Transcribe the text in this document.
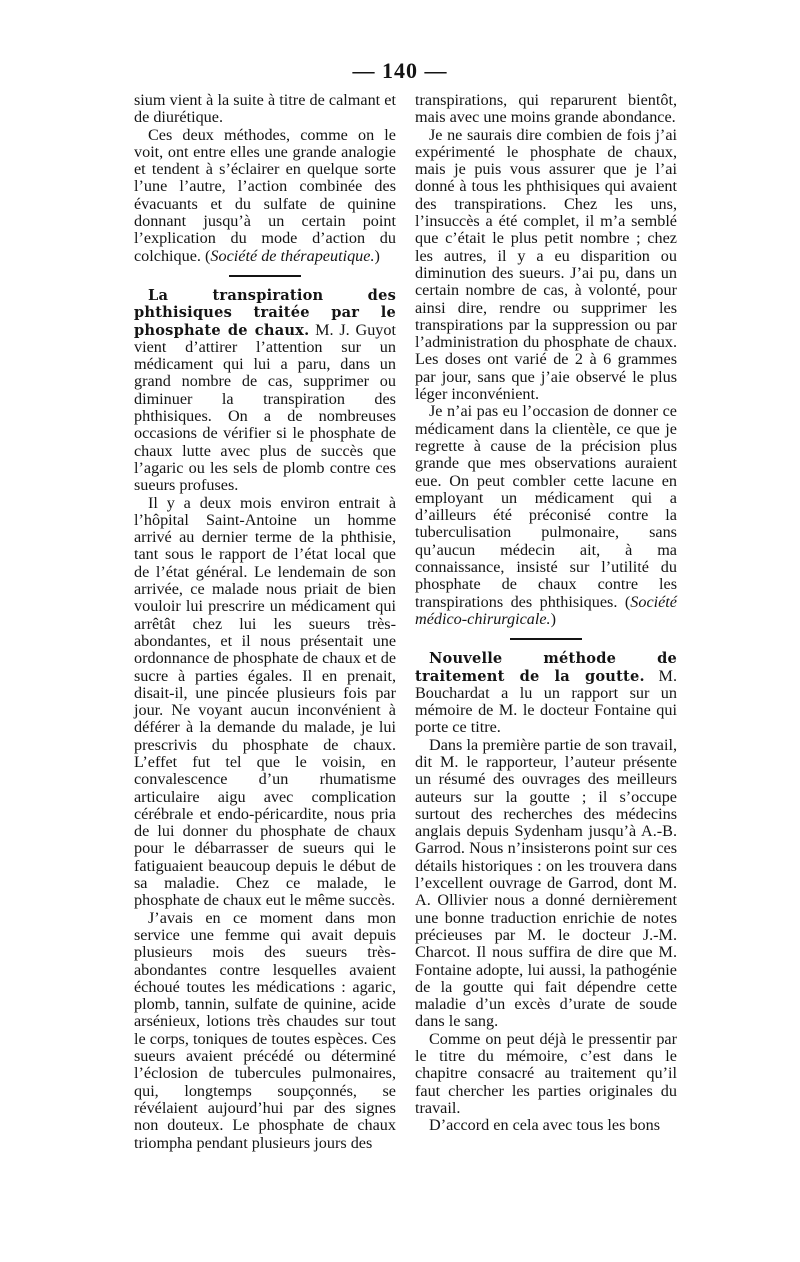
— 140 —

sium vient à la suite à titre de calmant et de diurétique.

Ces deux méthodes, comme on le voit, ont entre elles une grande analogie et tendent à s’éclairer en quelque sorte l’une l’autre, l’action combinée des évacuants et du sulfate de quinine donnant jusqu’à un certain point l’explication du mode d’action du colchique. (Société de thérapeutique.)

La transpiration des phthisiques traitée par le phosphate de chaux. M. J. Guyot vient d’attirer l’attention sur un médicament qui lui a paru, dans un grand nombre de cas, supprimer ou diminuer la transpiration des phthisiques. On a de nombreuses occasions de vérifier si le phosphate de chaux lutte avec plus de succès que l’agaric ou les sels de plomb contre ces sueurs profuses.

Il y a deux mois environ entrait à l’hôpital Saint-Antoine un homme arrivé au dernier terme de la phthisie, tant sous le rapport de l’état local que de l’état général. Le lendemain de son arrivée, ce malade nous priait de bien vouloir lui prescrire un médicament qui arrêtât chez lui les sueurs très-abondantes, et il nous présentait une ordonnance de phosphate de chaux et de sucre à parties égales. Il en prenait, disait-il, une pincée plusieurs fois par jour. Ne voyant aucun inconvénient à déférer à la demande du malade, je lui prescrivis du phosphate de chaux. L’effet fut tel que le voisin, en convalescence d’un rhumatisme articulaire aigu avec complication cérébrale et endo-péricardite, nous pria de lui donner du phosphate de chaux pour le débarrasser de sueurs qui le fatiguaient beaucoup depuis le début de sa maladie. Chez ce malade, le phosphate de chaux eut le même succès.

J’avais en ce moment dans mon service une femme qui avait depuis plusieurs mois des sueurs très-abondantes contre lesquelles avaient échoué toutes les médications : agaric, plomb, tannin, sulfate de quinine, acide arsénieux, lotions très chaudes sur tout le corps, toniques de toutes espèces. Ces sueurs avaient précédé ou déterminé l’éclosion de tubercules pulmonaires, qui, longtemps soupçonnés, se révélaient aujourd’hui par des signes non douteux. Le phosphate de chaux triompha pendant plusieurs jours des

transpirations, qui reparurent bientôt, mais avec une moins grande abondance.

Je ne saurais dire combien de fois j’ai expérimenté le phosphate de chaux, mais je puis vous assurer que je l’ai donné à tous les phthisiques qui avaient des transpirations. Chez les uns, l’insuccès a été complet, il m’a semblé que c’était le plus petit nombre ; chez les autres, il y a eu disparition ou diminution des sueurs. J’ai pu, dans un certain nombre de cas, à volonté, pour ainsi dire, rendre ou supprimer les transpirations par la suppression ou par l’administration du phosphate de chaux. Les doses ont varié de 2 à 6 grammes par jour, sans que j’aie observé le plus léger inconvénient.

Je n’ai pas eu l’occasion de donner ce médicament dans la clientèle, ce que je regrette à cause de la précision plus grande que mes observations auraient eue. On peut combler cette lacune en employant un médicament qui a d’ailleurs été préconisé contre la tuberculisation pulmonaire, sans qu’aucun médecin ait, à ma connaissance, insisté sur l’utilité du phosphate de chaux contre les transpirations des phthisiques. (Société médico-chirurgicale.)

Nouvelle méthode de traitement de la goutte. M. Bouchardat a lu un rapport sur un mémoire de M. le docteur Fontaine qui porte ce titre.

Dans la première partie de son travail, dit M. le rapporteur, l’auteur présente un résumé des ouvrages des meilleurs auteurs sur la goutte ; il s’occupe surtout des recherches des médecins anglais depuis Sydenham jusqu’à A.-B. Garrod. Nous n’insisterons point sur ces détails historiques : on les trouvera dans l’excellent ouvrage de Garrod, dont M. A. Ollivier nous a donné dernièrement une bonne traduction enrichie de notes précieuses par M. le docteur J.-M. Charcot. Il nous suffira de dire que M. Fontaine adopte, lui aussi, la pathogénie de la goutte qui fait dépendre cette maladie d’un excès d’urate de soude dans le sang.

Comme on peut déjà le pressentir par le titre du mémoire, c’est dans le chapitre consacré au traitement qu’il faut chercher les parties originales du travail.

D’accord en cela avec tous les bons
